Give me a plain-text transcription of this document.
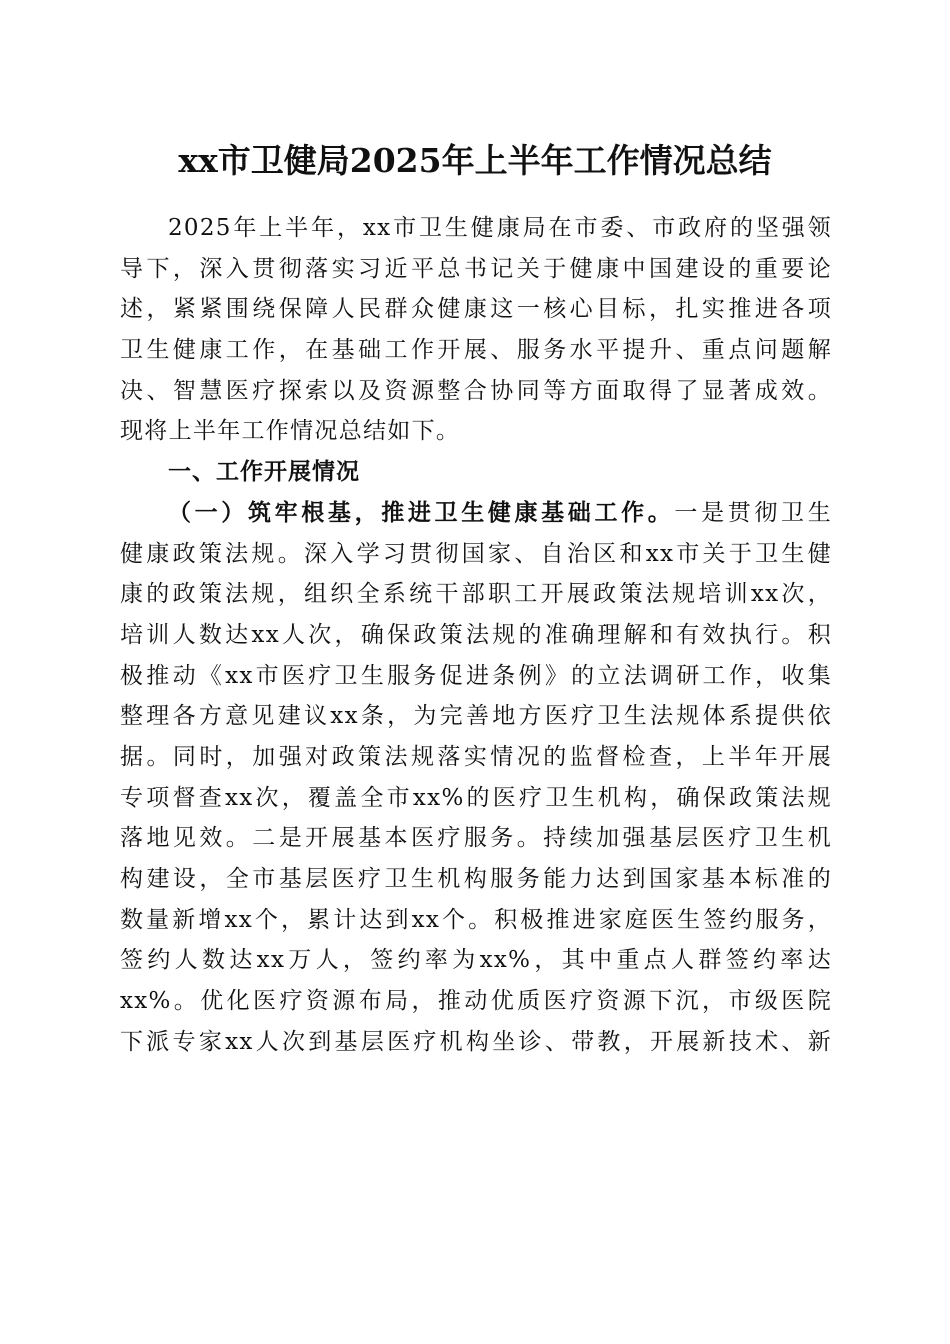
xx市卫健局2025年上半年工作情况总结
2025年上半年，xx市卫生健康局在市委、市政府的坚强领
导下，深入贯彻落实习近平总书记关于健康中国建设的重要论
述，紧紧围绕保障人民群众健康这一核心目标，扎实推进各项
卫生健康工作，在基础工作开展、服务水平提升、重点问题解
决、智慧医疗探索以及资源整合协同等方面取得了显著成效。
现将上半年工作情况总结如下。
一、工作开展情况
（一）筑牢根基，推进卫生健康基础工作。一是贯彻卫生
健康政策法规。深入学习贯彻国家、自治区和xx市关于卫生健
康的政策法规，组织全系统干部职工开展政策法规培训xx次，
培训人数达xx人次，确保政策法规的准确理解和有效执行。积
极推动《xx市医疗卫生服务促进条例》的立法调研工作，收集
整理各方意见建议xx条，为完善地方医疗卫生法规体系提供依
据。同时，加强对政策法规落实情况的监督检查，上半年开展
专项督查xx次，覆盖全市xx%的医疗卫生机构，确保政策法规
落地见效。二是开展基本医疗服务。持续加强基层医疗卫生机
构建设，全市基层医疗卫生机构服务能力达到国家基本标准的
数量新增xx个，累计达到xx个。积极推进家庭医生签约服务，
签约人数达xx万人，签约率为xx%，其中重点人群签约率达
xx%。优化医疗资源布局，推动优质医疗资源下沉，市级医院
下派专家xx人次到基层医疗机构坐诊、带教，开展新技术、新
